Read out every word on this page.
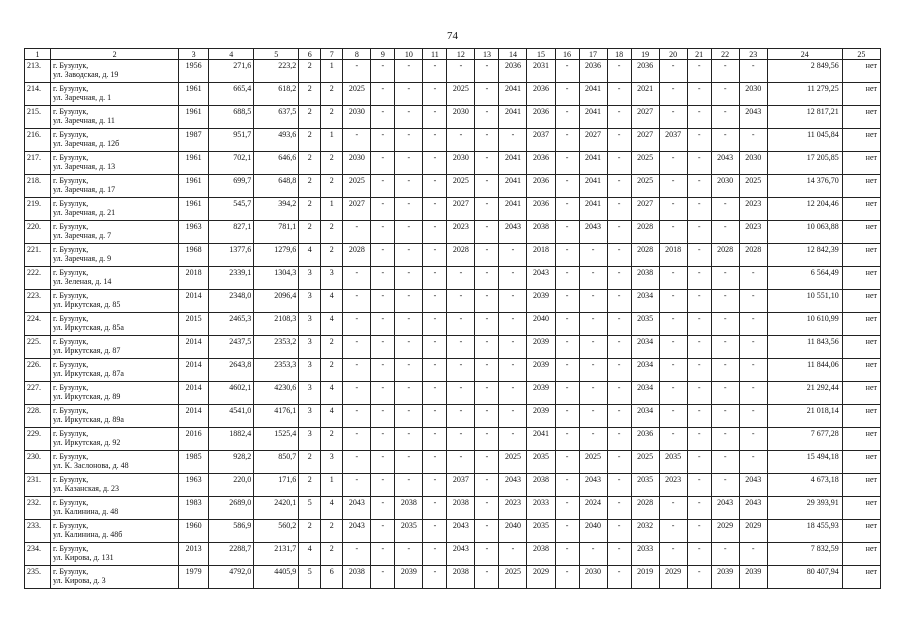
74
1	2	3	4	5	6	7	8	9	10	11	12	13	14	15	16	17	18	19	20	21	22	23	24	25
213.	г. Бузулук,
ул. Заводская, д. 19	1956	271,6	223,2	2	1	-	-	-	-	-	-	2036	2031	-	2036	-	2036	-	-	-	-	2 849,56	нет
214.	г. Бузулук,
ул. Заречная, д. 1	1961	665,4	618,2	2	2	2025	-	-	-	2025	-	2041	2036	-	2041	-	2021	-	-	-	2030	11 279,25	нет
215.	г. Бузулук,
ул. Заречная, д. 11	1961	688,5	637,5	2	2	2030	-	-	-	2030	-	2041	2036	-	2041	-	2027	-	-	-	2043	12 817,21	нет
216.	г. Бузулук,
ул. Заречная, д. 12б	1987	951,7	493,6	2	1	-	-	-	-	-	-	-	2037	-	2027	-	2027	2037	-	-	-	11 045,84	нет
217.	г. Бузулук,
ул. Заречная, д. 13	1961	702,1	646,6	2	2	2030	-	-	-	2030	-	2041	2036	-	2041	-	2025	-	-	2043	2030	17 205,85	нет
218.	г. Бузулук,
ул. Заречная, д. 17	1961	699,7	648,8	2	2	2025	-	-	-	2025	-	2041	2036	-	2041	-	2025	-	-	2030	2025	14 376,70	нет
219.	г. Бузулук,
ул. Заречная, д. 21	1961	545,7	394,2	2	1	2027	-	-	-	2027	-	2041	2036	-	2041	-	2027	-	-	-	2023	12 204,46	нет
220.	г. Бузулук,
ул. Заречная, д. 7	1963	827,1	781,1	2	2	-	-	-	-	2023	-	2043	2038	-	2043	-	2028	-	-	-	2023	10 063,88	нет
221.	г. Бузулук,
ул. Заречная, д. 9	1968	1377,6	1279,6	4	2	2028	-	-	-	2028	-	-	2018	-	-	-	2028	2018	-	2028	2028	12 842,39	нет
222.	г. Бузулук,
ул. Зеленая, д. 14	2018	2339,1	1304,3	3	3	-	-	-	-	-	-	-	2043	-	-	-	2038	-	-	-	-	6 564,49	нет
223.	г. Бузулук,
ул. Иркутская, д. 85	2014	2348,0	2096,4	3	4	-	-	-	-	-	-	-	2039	-	-	-	2034	-	-	-	-	10 551,10	нет
224.	г. Бузулук,
ул. Иркутская, д. 85а	2015	2465,3	2108,3	3	4	-	-	-	-	-	-	-	2040	-	-	-	2035	-	-	-	-	10 610,99	нет
225.	г. Бузулук,
ул. Иркутская, д. 87	2014	2437,5	2353,2	3	2	-	-	-	-	-	-	-	2039	-	-	-	2034	-	-	-	-	11 843,56	нет
226.	г. Бузулук,
ул. Иркутская, д. 87а	2014	2643,8	2353,3	3	2	-	-	-	-	-	-	-	2039	-	-	-	2034	-	-	-	-	11 844,06	нет
227.	г. Бузулук,
ул. Иркутская, д. 89	2014	4602,1	4230,6	3	4	-	-	-	-	-	-	-	2039	-	-	-	2034	-	-	-	-	21 292,44	нет
228.	г. Бузулук,
ул. Иркутская, д. 89а	2014	4541,0	4176,1	3	4	-	-	-	-	-	-	-	2039	-	-	-	2034	-	-	-	-	21 018,14	нет
229.	г. Бузулук,
ул. Иркутская, д. 92	2016	1882,4	1525,4	3	2	-	-	-	-	-	-	-	2041	-	-	-	2036	-	-	-	-	7 677,28	нет
230.	г. Бузулук,
ул. К. Заслонова, д. 48	1985	928,2	850,7	2	3	-	-	-	-	-	-	2025	2035	-	2025	-	2025	2035	-	-	-	15 494,18	нет
231.	г. Бузулук,
ул. Казанская, д. 23	1963	220,0	171,6	2	1	-	-	-	-	2037	-	2043	2038	-	2043	-	2035	2023	-	-	2043	4 673,18	нет
232.	г. Бузулук,
ул. Калинина, д. 48	1983	2689,0	2420,1	5	4	2043	-	2038	-	2038	-	2023	2033	-	2024	-	2028	-	-	2043	2043	29 393,91	нет
233.	г. Бузулук,
ул. Калинина, д. 48б	1960	586,9	560,2	2	2	2043	-	2035	-	2043	-	2040	2035	-	2040	-	2032	-	-	2029	2029	18 455,93	нет
234.	г. Бузулук,
ул. Кирова, д. 131	2013	2288,7	2131,7	4	2	-	-	-	-	2043	-	-	2038	-	-	-	2033	-	-	-	-	7 832,59	нет
235.	г. Бузулук,
ул. Кирова, д. 3	1979	4792,0	4405,9	5	6	2038	-	2039	-	2038	-	2025	2029	-	2030	-	2019	2029	-	2039	2039	80 407,94	нет
